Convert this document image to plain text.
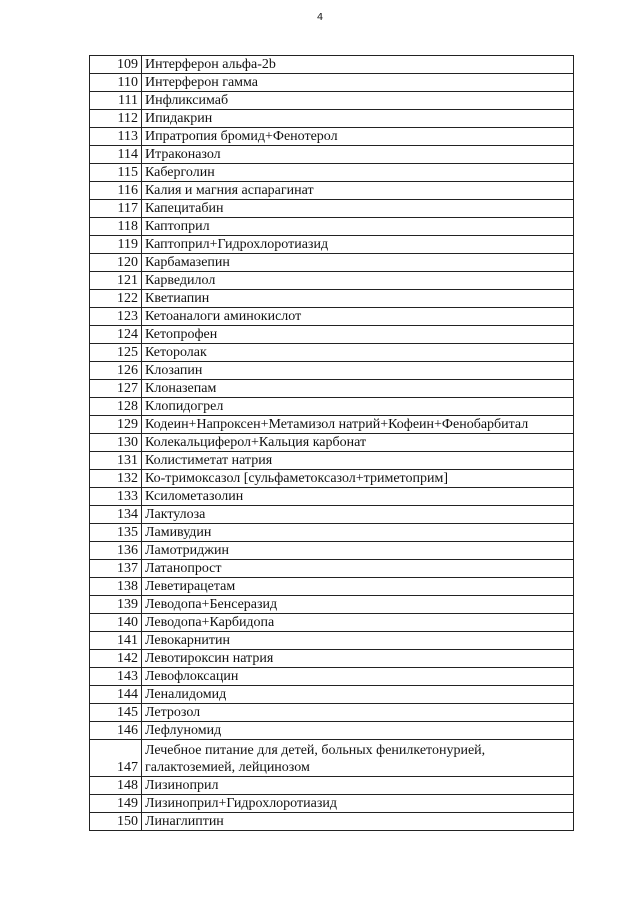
4
109	Интерферон альфа-2b
110	Интерферон гамма
111	Инфликсимаб
112	Ипидакрин
113	Ипратропия бромид+Фенотерол
114	Итраконазол
115	Каберголин
116	Калия и магния аспарагинат
117	Капецитабин
118	Каптоприл
119	Каптоприл+Гидрохлоротиазид
120	Карбамазепин
121	Карведилол
122	Кветиапин
123	Кетоаналоги аминокислот
124	Кетопрофен
125	Кеторолак
126	Клозапин
127	Клоназепам
128	Клопидогрел
129	Кодеин+Напроксен+Метамизол натрий+Кофеин+Фенобарбитал
130	Колекальциферол+Кальция карбонат
131	Колистиметат натрия
132	Ко-тримоксазол [сульфаметоксазол+триметоприм]
133	Ксилометазолин
134	Лактулоза
135	Ламивудин
136	Ламотриджин
137	Латанопрост
138	Леветирацетам
139	Леводопа+Бенсеразид
140	Леводопа+Карбидопа
141	Левокарнитин
142	Левотироксин натрия
143	Левофлоксацин
144	Леналидомид
145	Летрозол
146	Лефлуномид
147	Лечебное питание для детей, больных фенилкетонурией, галактоземией, лейцинозом
148	Лизиноприл
149	Лизиноприл+Гидрохлоротиазид
150	Линаглиптин
